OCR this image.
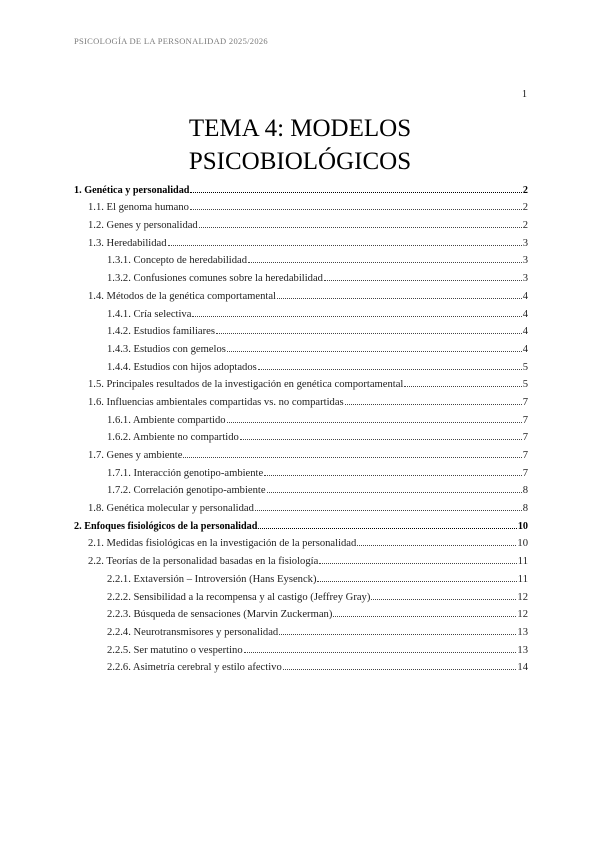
PSICOLOGÍA DE LA PERSONALIDAD 2025/2026
1
TEMA 4: MODELOS
PSICOBIOLÓGICOS
1. Genética y personalidad	2
1.1. El genoma humano	2
1.2. Genes y personalidad	2
1.3. Heredabilidad	3
1.3.1. Concepto de heredabilidad	3
1.3.2. Confusiones comunes sobre la heredabilidad	3
1.4. Métodos de la genética comportamental	4
1.4.1. Cría selectiva	4
1.4.2. Estudios familiares	4
1.4.3. Estudios con gemelos	4
1.4.4. Estudios con hijos adoptados	5
1.5. Principales resultados de la investigación en genética comportamental	5
1.6. Influencias ambientales compartidas vs. no compartidas	7
1.6.1. Ambiente compartido	7
1.6.2. Ambiente no compartido	7
1.7. Genes y ambiente	7
1.7.1. Interacción genotipo-ambiente	7
1.7.2. Correlación genotipo-ambiente	8
1.8. Genética molecular y personalidad	8
2. Enfoques fisiológicos de la personalidad	10
2.1. Medidas fisiológicas en la investigación de la personalidad	10
2.2. Teorías de la personalidad basadas en la fisiología	11
2.2.1. Extaversión – Introversión (Hans Eysenck)	11
2.2.2. Sensibilidad a la recompensa y al castigo (Jeffrey Gray)	12
2.2.3. Búsqueda de sensaciones (Marvin Zuckerman)	12
2.2.4. Neurotransmisores y personalidad	13
2.2.5. Ser matutino o vespertino	13
2.2.6. Asimetría cerebral y estilo afectivo	14
